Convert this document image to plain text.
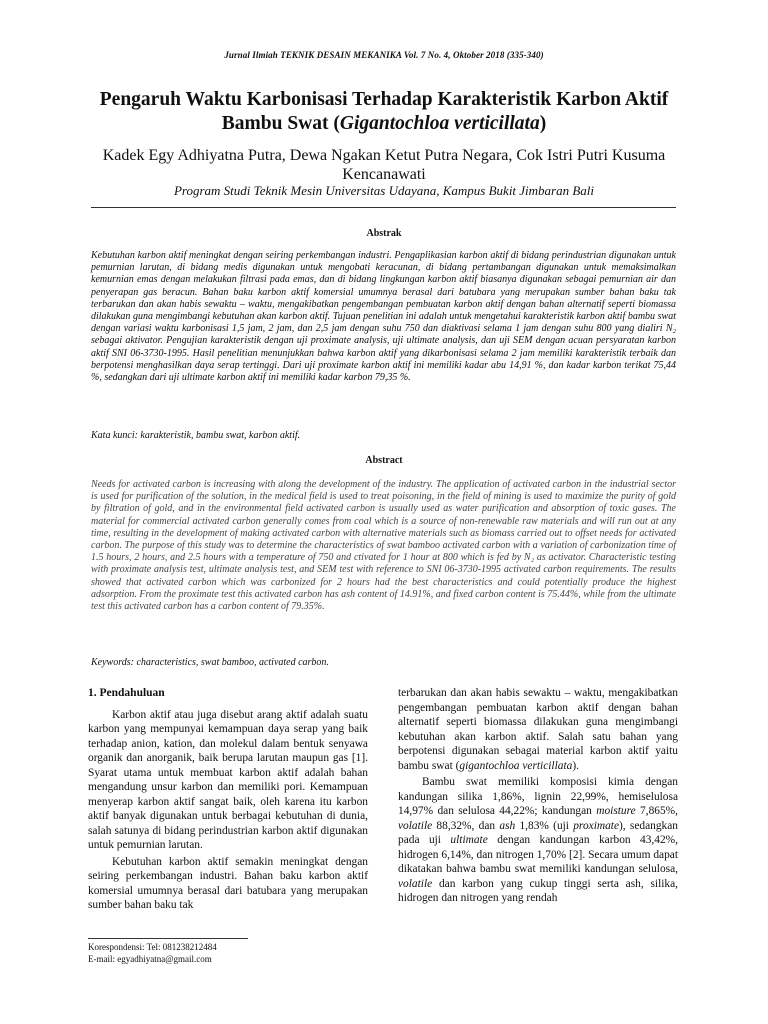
Jurnal Ilmiah TEKNIK DESAIN MEKANIKA Vol. 7 No. 4, Oktober 2018 (335-340)
Pengaruh Waktu Karbonisasi Terhadap Karakteristik Karbon Aktif Bambu Swat (Gigantochloa verticillata)
Kadek Egy Adhiyatna Putra, Dewa Ngakan Ketut Putra Negara, Cok Istri Putri Kusuma Kencanawati
Program Studi Teknik Mesin Universitas Udayana, Kampus Bukit Jimbaran Bali
Abstrak
Kebutuhan karbon aktif meningkat dengan seiring perkembangan industri. Pengaplikasian karbon aktif di bidang perindustrian digunakan untuk pemurnian larutan, di bidang medis digunakan untuk mengobati keracunan, di bidang pertambangan digunakan untuk memaksimalkan kemurnian emas dengan melakukan filtrasi pada emas, dan di bidang lingkungan karbon aktif biasanya digunakan sebagai pemurnian air dan penyerapan gas beracun. Bahan baku karbon aktif komersial umumnya berasal dari batubara yang merupakan sumber bahan baku tak terbarukan dan akan habis sewaktu – waktu, mengakibatkan pengembangan pembuatan karbon aktif dengan bahan alternatif seperti biomassa dilakukan guna mengimbangi kebutuhan akan karbon aktif. Tujuan penelitian ini adalah untuk mengetahui karakteristik karbon aktif bambu swat dengan variasi waktu karbonisasi 1,5 jam, 2 jam, dan 2,5 jam dengan suhu 750 dan diaktivasi selama 1 jam dengan suhu 800 yang dialiri N₂ sebagai aktivator. Pengujian karakteristik dengan uji proximate analysis, uji ultimate analysis, dan uji SEM dengan acuan persyaratan karbon aktif SNI 06-3730-1995. Hasil penelitian menunjukkan bahwa karbon aktif yang dikarbonisasi selama 2 jam memiliki karakteristik terbaik dan berpotensi menghasilkan daya serap tertinggi. Dari uji proximate karbon aktif ini memiliki kadar abu 14,91 %, dan kadar karbon terikat 75,44 %, sedangkan dari uji ultimate karbon aktif ini memiliki kadar karbon 79,35 %.
Kata kunci: karakteristik, bambu swat, karbon aktif.
Abstract
Needs for activated carbon is increasing with along the development of the industry. The application of activated carbon in the industrial sector is used for purification of the solution, in the medical field is used to treat poisoning, in the field of mining is used to maximize the purity of gold by filtration of gold, and in the environmental field activated carbon is usually used as water purification and absorption of toxic gases. The material for commercial activated carbon generally comes from coal which is a source of non-renewable raw materials and will run out at any time, resulting in the development of making activated carbon with alternative materials such as biomass carried out to offset needs for activated carbon. The purpose of this study was to determine the characteristics of swat bamboo activated carbon with a variation of carbonization time of 1.5 hours, 2 hours, and 2.5 hours with a temperature of 750 and ctivated for 1 hour at 800 which is fed by N₂ as activator. Characteristic testing with proximate analysis test, ultimate analysis test, and SEM test with reference to SNI 06-3730-1995 activated carbon requirements. The results showed that activated carbon which was carbonized for 2 hours had the best characteristics and could potentially produce the highest adsorption. From the proximate test this activated carbon has ash content of 14.91%, and fixed carbon content is 75.44%, while from the ultimate test this activated carbon has a carbon content of 79.35%.
Keywords: characteristics, swat bamboo, activated carbon.

1. Pendahuluan

Karbon aktif atau juga disebut arang aktif adalah suatu karbon yang mempunyai kemampuan daya serap yang baik terhadap anion, kation, dan molekul dalam bentuk senyawa organik dan anorganik, baik berupa larutan maupun gas [1]. Syarat utama untuk membuat karbon aktif adalah bahan mengandung unsur karbon dan memiliki pori. Kemampuan menyerap karbon aktif sangat baik, oleh karena itu karbon aktif banyak digunakan untuk berbagai kebutuhan di dunia, salah satunya di bidang perindustrian karbon aktif digunakan untuk pemurnian larutan.

Kebutuhan karbon aktif semakin meningkat dengan seiring perkembangan industri. Bahan baku karbon aktif komersial umumnya berasal dari batubara yang merupakan sumber bahan baku tak

terbarukan dan akan habis sewaktu – waktu, mengakibatkan pengembangan pembuatan karbon aktif dengan bahan alternatif seperti biomassa dilakukan guna mengimbangi kebutuhan akan karbon aktif. Salah satu bahan yang berpotensi digunakan sebagai material karbon aktif yaitu bambu swat (gigantochloa verticillata).

Bambu swat memiliki komposisi kimia dengan kandungan silika 1,86%, lignin 22,99%, hemiselulosa 14,97% dan selulosa 44,22%; kandungan moisture 7,865%, volatile 88,32%, dan ash 1,83% (uji proximate), sedangkan pada uji ultimate dengan kandungan karbon 43,42%, hidrogen 6,14%, dan nitrogen 1,70% [2]. Secara umum dapat dikatakan bahwa bambu swat memiliki kandungan selulosa, volatile dan karbon yang cukup tinggi serta ash, silika, hidrogen dan nitrogen yang rendah

Korespondensi: Tel: 081238212484
E-mail: egyadhiyatna@gmail.com
